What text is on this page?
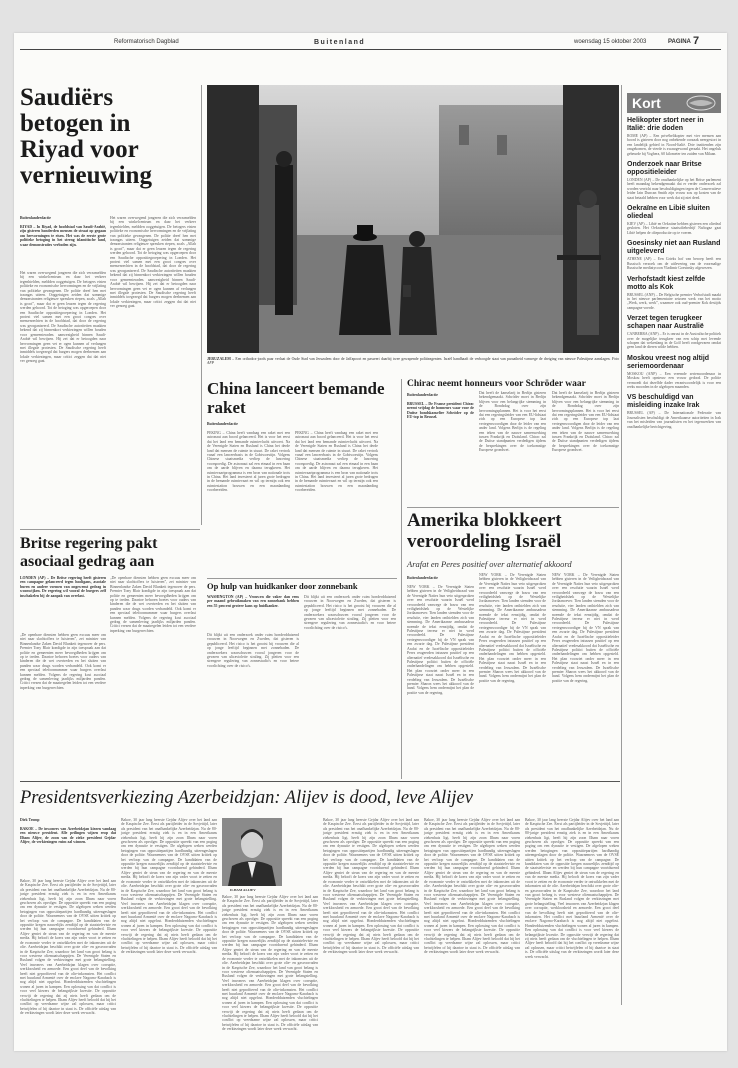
Reformatorisch Dagblad	Buitenland	woensdag 15 oktober 2003	PAGINA 7
Saudiërs betogen in Riyad voor vernieuwing
Buitenlandredactie
RIYAD – In Riyad, de hoofdstad van Saudi-Arabië, zijn gisteren honderden mensen de straat op gegaan om hervormingen te eisen. Het was de eerste grote politieke betoging in het streng islamitische land, waar demonstraties verboden zijn.
Het waren overwegend jongeren die zich verzamelden bij een winkelcentrum en daar het verkeer tegenhielden, meldden ooggetuigen. De betogers eisten politieke en economische hervormingen en de vrijlating van politieke gevangenen. De politie dreef hen met traangas uiteen. Ooggetuigen zeiden dat sommige demonstranten religieuze spreuken riepen, zoals „Allah is groot”, maar dat er geen leuzen tegen de regering werden gehoord. Tot de betoging was opgeroepen door een Saudische oppositiegroepering in Londen. Het protest viel samen met een groot congres over mensenrechten in de hoofdstad, dat door de regering was georganiseerd. De Saudische autoriteiten maakten bekend dat zij binnenkort verkiezingen willen houden voor gemeenteraden. aanwezigheid binnen Saudi-Arabië wil bewijzen. Hij zei dat er betoogden naar hervormingen geen vet er ogen kunnen af verlangen met illegale protesten. De Saudische regering heeft inmiddels toegezegd dat burgers mogen deelnemen aan lokale verkiezingen, maar critici zeggen dat dat niet ver genoeg gaat.
Het waren overwegend jongeren die zich verzamelden bij een winkelcentrum en daar het verkeer tegenhielden, meldden ooggetuigen. De betogers eisten politieke en economische hervormingen en de vrijlating van politieke gevangenen. De politie dreef hen met traangas uiteen. Ooggetuigen zeiden dat sommige demonstranten religieuze spreuken riepen, zoals „Allah is groot”, maar dat er geen leuzen tegen de regering werden gehoord. Tot de betoging was opgeroepen door een Saudische oppositiegroepering in Londen. Het protest viel samen met een groot congres over mensenrechten in de hoofdstad, dat door de regering was georganiseerd. De Saudische autoriteiten maakten bekend dat zij binnenkort verkiezingen willen houden voor gemeenteraden. aanwezigheid binnen Saudi-Arabië wil bewijzen. Hij zei dat er betoogden naar hervormingen geen vet er ogen kunnen af verlangen met illegale protesten. De Saudische regering heeft inmiddels toegezegd dat burgers mogen deelnemen aan lokale verkiezingen, maar critici zeggen dat dat niet ver genoeg gaat.
JERUZALEM – Een orthodox-joods paar verlaat de Oude Stad van Jeruzalem door de Jaffapoort en passeert daarbij twee gewapende politieagenten. Israël handhaaft de verhoogde staat van paraatheid vanwege de dreiging van nieuwe Palestijnse aanslagen. Foto AFP
China lanceert bemande raket
Buitenlandredactie
PEKING – China heeft vandaag een raket met een astronaut aan boord gelanceerd. Het is voor het eerst dat het land een bemande ruimtevlucht uitvoert. Na de Verenigde Staten en Rusland is China het derde land dat mensen de ruimte in stuurt. De raket vertrok vanaf een lanceerbasis in de Gobiwoestijn. Volgens Chinese staatsmedia verliep de lancering voorspoedig. De astronaut zal een etmaal in een baan om de aarde blijven en daarna terugkeren. Het ruimtevaartprogramma is een bron van nationale trots in China. Het land investeert al jaren grote bedragen in de bemande ruimtevaart en wil op termijn ook een ruimtestation bouwen en een maanlanding voorbereiden.
PEKING – China heeft vandaag een raket met een astronaut aan boord gelanceerd. Het is voor het eerst dat het land een bemande ruimtevlucht uitvoert. Na de Verenigde Staten en Rusland is China het derde land dat mensen de ruimte in stuurt. De raket vertrok vanaf een lanceerbasis in de Gobiwoestijn. Volgens Chinese staatsmedia verliep de lancering voorspoedig. De astronaut zal een etmaal in een baan om de aarde blijven en daarna terugkeren. Het ruimtevaartprogramma is een bron van nationale trots in China. Het land investeert al jaren grote bedragen in de bemande ruimtevaart en wil op termijn ook een ruimtestation bouwen en een maanlanding voorbereiden.
Chirac neemt honneurs voor Schröder waar
Buitenlandredactie
BRUSSEL – De Franse president Chirac neemt vrijdag de honneurs waar voor de Duitse bondskanselier Schröder op de EU-top in Brussel.
Dat heeft de kanselarij in Berlijn gisteren bekendgemaakt. Schröder moet in Berlijn blijven voor een belangrijke stemming in de Bondsdag over zijn hervormingsplannen. Het is voor het eerst dat een regeringsleider van een EU-lidstaat zich op een Europese top laat vertegenwoordigen door de leider van een ander land. Volgens Berlijn is de regeling een teken van de nauwe samenwerking tussen Frankrijk en Duitsland. Chirac zal de Duitse standpunten verdedigen tijdens de besprekingen over de toekomstige Europese grondwet.
Dat heeft de kanselarij in Berlijn gisteren bekendgemaakt. Schröder moet in Berlijn blijven voor een belangrijke stemming in de Bondsdag over zijn hervormingsplannen. Het is voor het eerst dat een regeringsleider van een EU-lidstaat zich op een Europese top laat vertegenwoordigen door de leider van een ander land. Volgens Berlijn is de regeling een teken van de nauwe samenwerking tussen Frankrijk en Duitsland. Chirac zal de Duitse standpunten verdedigen tijdens de besprekingen over de toekomstige Europese grondwet.
Amerika blokkeert veroordeling Israël
Arafat en Peres positief over alternatief akkoord
Buitenlandredactie
NEW YORK – De Verenigde Staten hebben gisteren in de Veiligheidsraad van de Verenigde Naties hun veto uitgesproken over een resolutie waarin Israël werd veroordeeld vanwege de bouw van een veiligheidshek op de Westelijke Jordaanoever. Tien landen stemden voor de resolutie, vier landen onthielden zich van stemming. De Amerikaanse ambassadeur noemde de tekst eenzijdig, omdat de Palestijnse terreur er niet in werd veroordeeld. De Palestijnse vertegenwoordiger bij de VN sprak van een zwarte dag. De Palestijnse president Arafat en de Israëlische oppositieleider Peres reageerden intussen positief op een alternatief vredesakkoord dat Israëlische en Palestijnse politici buiten de officiële onderhandelingen om hebben opgesteld. Het plan voorziet onder meer in een Palestijnse staat naast Israël en in een verdeling van Jeruzalem. De Israëlische premier Sharon wees het akkoord van de hand. Volgens hem ondermijnt het plan de positie van de regering.
NEW YORK – De Verenigde Staten hebben gisteren in de Veiligheidsraad van de Verenigde Naties hun veto uitgesproken over een resolutie waarin Israël werd veroordeeld vanwege de bouw van een veiligheidshek op de Westelijke Jordaanoever. Tien landen stemden voor de resolutie, vier landen onthielden zich van stemming. De Amerikaanse ambassadeur noemde de tekst eenzijdig, omdat de Palestijnse terreur er niet in werd veroordeeld. De Palestijnse vertegenwoordiger bij de VN sprak van een zwarte dag. De Palestijnse president Arafat en de Israëlische oppositieleider Peres reageerden intussen positief op een alternatief vredesakkoord dat Israëlische en Palestijnse politici buiten de officiële onderhandelingen om hebben opgesteld. Het plan voorziet onder meer in een Palestijnse staat naast Israël en in een verdeling van Jeruzalem. De Israëlische premier Sharon wees het akkoord van de hand. Volgens hem ondermijnt het plan de positie van de regering.
NEW YORK – De Verenigde Staten hebben gisteren in de Veiligheidsraad van de Verenigde Naties hun veto uitgesproken over een resolutie waarin Israël werd veroordeeld vanwege de bouw van een veiligheidshek op de Westelijke Jordaanoever. Tien landen stemden voor de resolutie, vier landen onthielden zich van stemming. De Amerikaanse ambassadeur noemde de tekst eenzijdig, omdat de Palestijnse terreur er niet in werd veroordeeld. De Palestijnse vertegenwoordiger bij de VN sprak van een zwarte dag. De Palestijnse president Arafat en de Israëlische oppositieleider Peres reageerden intussen positief op een alternatief vredesakkoord dat Israëlische en Palestijnse politici buiten de officiële onderhandelingen om hebben opgesteld. Het plan voorziet onder meer in een Palestijnse staat naast Israël en in een verdeling van Jeruzalem. De Israëlische premier Sharon wees het akkoord van de hand. Volgens hem ondermijnt het plan de positie van de regering.
Op hulp van huidkanker door zonnebank
WASHINGTON (AP) – Vrouwen die vaker dan eens per maand gebruikmaken van een zonnebank hebben een 55 procent grotere kans op huidkanker.
Dit blijkt uit een onderzoek onder ruim honderdduizend vrouwen in Noorwegen en Zweden, dat gisteren is gepubliceerd. Het risico is het grootst bij vrouwen die al op jonge leeftijd beginnen met zonnebaden. De onderzoekers waarschuwen vooral jongeren voor de gevaren van ultraviolette straling. Zij pleiten voor een strengere regulering van zonnestudio's en voor betere voorlichting over de risico's.
Dit blijkt uit een onderzoek onder ruim honderdduizend vrouwen in Noorwegen en Zweden, dat gisteren is gepubliceerd. Het risico is het grootst bij vrouwen die al op jonge leeftijd beginnen met zonnebaden. De onderzoekers waarschuwen vooral jongeren voor de gevaren van ultraviolette straling. Zij pleiten voor een strengere regulering van zonnestudio's en voor betere voorlichting over de risico's.
Britse regering pakt asociaal gedrag aan
LONDEN (AP) – De Britse regering heeft gisteren een campagne gelanceerd tegen hooligans, asociale buren en andere vormen van ongewenst gedrag in woonwijken. De regering wil vooral de burgers zelf inschakelen bij de aanpak van overlast.
„De openbare diensten hebben geen excuus meer om niet naar slachtoffers te luisteren”, zei minister van Binnenlandse Zaken David Blunkett tegenover de pers. Premier Tony Blair kondigde in zijn toespraak aan dat politie en gemeenten meer bevoegdheden krijgen om op te treden. Daartoe behoren boetes voor ouders van kinderen die de wet overtreden en het sluiten van panden waar drugs worden verhandeld. Ook komt er een speciaal telefoonnummer waar burgers overlast kunnen melden. Volgens de regering kost asociaal gedrag de samenleving jaarlijks miljarden ponden. Critici vrezen dat de maatregelen leiden tot een verdere inperking van burgerrechten.
„De openbare diensten hebben geen excuus meer om niet naar slachtoffers te luisteren”, zei minister van Binnenlandse Zaken David Blunkett tegenover de pers. Premier Tony Blair kondigde in zijn toespraak aan dat politie en gemeenten meer bevoegdheden krijgen om op te treden. Daartoe behoren boetes voor ouders van kinderen die de wet overtreden en het sluiten van panden waar drugs worden verhandeld. Ook komt er een speciaal telefoonnummer waar burgers overlast kunnen melden. Volgens de regering kost asociaal gedrag de samenleving jaarlijks miljarden ponden. Critici vrezen dat de maatregelen leiden tot een verdere inperking van burgerrechten.
Presidentsverkiezing Azerbeidzjan: Alijev is dood, leve Alijev
Dirk Tromp
BAKOE – De inwoners van Azerbeidzjan kiezen vandaag een nieuwe president. Alle peilingen wijzen erop dat Ilham Alijev, de zoon van de zieke president Gejdar Alijev, de verkiezingen ruim zal winnen.
Bakoe, 30 jaar lang heerste Gejdar Alijev over het land aan de Kaspische Zee. Eerst als partijleider in de Sovjettijd, later als president van het onafhankelijke Azerbeidzjan. Nu de 80-jarige president ernstig ziek is en in een Amerikaans ziekenhuis ligt, heeft hij zijn zoon Ilham naar voren geschoven als opvolger. De oppositie spreekt van een poging om een dynastie te vestigen. De afgelopen weken werden betogingen van oppositiepartijen hardhandig uiteengeslagen door de politie. Waarnemers van de OVSE uitten kritiek op het verloop van de campagne. De kandidaten van de oppositie kregen nauwelijks zendtijd op de staatstelevisie en werden bij hun campagne voortdurend gehinderd. Ilham Alijev geniet de steun van de regering en van de meeste media. Hij belooft de koers van zijn vader voort te zetten en de economie verder te ontwikkelen met de inkomsten uit de olie. Azerbeidzjan beschikt over grote olie- en gasvoorraden in de Kaspische Zee, waardoor het land van groot belang is voor westerse oliemaatschappijen. De Verenigde Staten en Rusland volgen de verkiezingen met grote belangstelling. Veel inwoners van Azerbeidzjan klagen over corruptie, werkloosheid en armoede. Een groot deel van de bevolking heeft niet geprofiteerd van de olie-inkomsten. Het conflict met buurland Armenië over de enclave Nagorno-Karabach is nog altijd niet opgelost. Honderdduizenden vluchtelingen wonen al jaren in kampen. Een oplossing van dat conflict is voor veel kiezers de belangrijkste kwestie. De oppositie verwijt de regering dat zij niets heeft gedaan om de vluchtelingen te helpen. Ilham Alijev heeft beloofd dat hij het conflict op vreedzame wijze zal oplossen, maar critici betwijfelen of hij daartoe in staat is. De officiële uitslag van de verkiezingen wordt later deze week verwacht.
Bakoe, 30 jaar lang heerste Gejdar Alijev over het land aan de Kaspische Zee. Eerst als partijleider in de Sovjettijd, later als president van het onafhankelijke Azerbeidzjan. Nu de 80-jarige president ernstig ziek is en in een Amerikaans ziekenhuis ligt, heeft hij zijn zoon Ilham naar voren geschoven als opvolger. De oppositie spreekt van een poging om een dynastie te vestigen. De afgelopen weken werden betogingen van oppositiepartijen hardhandig uiteengeslagen door de politie. Waarnemers van de OVSE uitten kritiek op het verloop van de campagne. De kandidaten van de oppositie kregen nauwelijks zendtijd op de staatstelevisie en werden bij hun campagne voortdurend gehinderd. Ilham Alijev geniet de steun van de regering en van de meeste media. Hij belooft de koers van zijn vader voort te zetten en de economie verder te ontwikkelen met de inkomsten uit de olie. Azerbeidzjan beschikt over grote olie- en gasvoorraden in de Kaspische Zee, waardoor het land van groot belang is voor westerse oliemaatschappijen. De Verenigde Staten en Rusland volgen de verkiezingen met grote belangstelling. Veel inwoners van Azerbeidzjan klagen over corruptie, werkloosheid en armoede. Een groot deel van de bevolking heeft niet geprofiteerd van de olie-inkomsten. Het conflict met buurland Armenië over de enclave Nagorno-Karabach is nog altijd niet opgelost. Honderdduizenden vluchtelingen wonen al jaren in kampen. Een oplossing van dat conflict is voor veel kiezers de belangrijkste kwestie. De oppositie verwijt de regering dat zij niets heeft gedaan om de vluchtelingen te helpen. Ilham Alijev heeft beloofd dat hij het conflict op vreedzame wijze zal oplossen, maar critici betwijfelen of hij daartoe in staat is. De officiële uitslag van de verkiezingen wordt later deze week verwacht.
ILHAM ALIJEV
Bakoe, 30 jaar lang heerste Gejdar Alijev over het land aan de Kaspische Zee. Eerst als partijleider in de Sovjettijd, later als president van het onafhankelijke Azerbeidzjan. Nu de 80-jarige president ernstig ziek is en in een Amerikaans ziekenhuis ligt, heeft hij zijn zoon Ilham naar voren geschoven als opvolger. De oppositie spreekt van een poging om een dynastie te vestigen. De afgelopen weken werden betogingen van oppositiepartijen hardhandig uiteengeslagen door de politie. Waarnemers van de OVSE uitten kritiek op het verloop van de campagne. De kandidaten van de oppositie kregen nauwelijks zendtijd op de staatstelevisie en werden bij hun campagne voortdurend gehinderd. Ilham Alijev geniet de steun van de regering en van de meeste media. Hij belooft de koers van zijn vader voort te zetten en de economie verder te ontwikkelen met de inkomsten uit de olie. Azerbeidzjan beschikt over grote olie- en gasvoorraden in de Kaspische Zee, waardoor het land van groot belang is voor westerse oliemaatschappijen. De Verenigde Staten en Rusland volgen de verkiezingen met grote belangstelling. Veel inwoners van Azerbeidzjan klagen over corruptie, werkloosheid en armoede. Een groot deel van de bevolking heeft niet geprofiteerd van de olie-inkomsten. Het conflict met buurland Armenië over de enclave Nagorno-Karabach is nog altijd niet opgelost. Honderdduizenden vluchtelingen wonen al jaren in kampen. Een oplossing van dat conflict is voor veel kiezers de belangrijkste kwestie. De oppositie verwijt de regering dat zij niets heeft gedaan om de vluchtelingen te helpen. Ilham Alijev heeft beloofd dat hij het conflict op vreedzame wijze zal oplossen, maar critici betwijfelen of hij daartoe in staat is. De officiële uitslag van de verkiezingen wordt later deze week verwacht.
Bakoe, 30 jaar lang heerste Gejdar Alijev over het land aan de Kaspische Zee. Eerst als partijleider in de Sovjettijd, later als president van het onafhankelijke Azerbeidzjan. Nu de 80-jarige president ernstig ziek is en in een Amerikaans ziekenhuis ligt, heeft hij zijn zoon Ilham naar voren geschoven als opvolger. De oppositie spreekt van een poging om een dynastie te vestigen. De afgelopen weken werden betogingen van oppositiepartijen hardhandig uiteengeslagen door de politie. Waarnemers van de OVSE uitten kritiek op het verloop van de campagne. De kandidaten van de oppositie kregen nauwelijks zendtijd op de staatstelevisie en werden bij hun campagne voortdurend gehinderd. Ilham Alijev geniet de steun van de regering en van de meeste media. Hij belooft de koers van zijn vader voort te zetten en de economie verder te ontwikkelen met de inkomsten uit de olie. Azerbeidzjan beschikt over grote olie- en gasvoorraden in de Kaspische Zee, waardoor het land van groot belang is voor westerse oliemaatschappijen. De Verenigde Staten en Rusland volgen de verkiezingen met grote belangstelling. Veel inwoners van Azerbeidzjan klagen over corruptie, werkloosheid en armoede. Een groot deel van de bevolking heeft niet geprofiteerd van de olie-inkomsten. Het conflict met buurland Armenië over de enclave Nagorno-Karabach is nog altijd niet opgelost. Honderdduizenden vluchtelingen wonen al jaren in kampen. Een oplossing van dat conflict is voor veel kiezers de belangrijkste kwestie. De oppositie verwijt de regering dat zij niets heeft gedaan om de vluchtelingen te helpen. Ilham Alijev heeft beloofd dat hij het conflict op vreedzame wijze zal oplossen, maar critici betwijfelen of hij daartoe in staat is. De officiële uitslag van de verkiezingen wordt later deze week verwacht.
Bakoe, 30 jaar lang heerste Gejdar Alijev over het land aan de Kaspische Zee. Eerst als partijleider in de Sovjettijd, later als president van het onafhankelijke Azerbeidzjan. Nu de 80-jarige president ernstig ziek is en in een Amerikaans ziekenhuis ligt, heeft hij zijn zoon Ilham naar voren geschoven als opvolger. De oppositie spreekt van een poging om een dynastie te vestigen. De afgelopen weken werden betogingen van oppositiepartijen hardhandig uiteengeslagen door de politie. Waarnemers van de OVSE uitten kritiek op het verloop van de campagne. De kandidaten van de oppositie kregen nauwelijks zendtijd op de staatstelevisie en werden bij hun campagne voortdurend gehinderd. Ilham Alijev geniet de steun van de regering en van de meeste media. Hij belooft de koers van zijn vader voort te zetten en de economie verder te ontwikkelen met de inkomsten uit de olie. Azerbeidzjan beschikt over grote olie- en gasvoorraden in de Kaspische Zee, waardoor het land van groot belang is voor westerse oliemaatschappijen. De Verenigde Staten en Rusland volgen de verkiezingen met grote belangstelling. Veel inwoners van Azerbeidzjan klagen over corruptie, werkloosheid en armoede. Een groot deel van de bevolking heeft niet geprofiteerd van de olie-inkomsten. Het conflict met buurland Armenië over de enclave Nagorno-Karabach is nog altijd niet opgelost. Honderdduizenden vluchtelingen wonen al jaren in kampen. Een oplossing van dat conflict is voor veel kiezers de belangrijkste kwestie. De oppositie verwijt de regering dat zij niets heeft gedaan om de vluchtelingen te helpen. Ilham Alijev heeft beloofd dat hij het conflict op vreedzame wijze zal oplossen, maar critici betwijfelen of hij daartoe in staat is. De officiële uitslag van de verkiezingen wordt later deze week verwacht.
Bakoe, 30 jaar lang heerste Gejdar Alijev over het land aan de Kaspische Zee. Eerst als partijleider in de Sovjettijd, later als president van het onafhankelijke Azerbeidzjan. Nu de 80-jarige president ernstig ziek is en in een Amerikaans ziekenhuis ligt, heeft hij zijn zoon Ilham naar voren geschoven als opvolger. De oppositie spreekt van een poging om een dynastie te vestigen. De afgelopen weken werden betogingen van oppositiepartijen hardhandig uiteengeslagen door de politie. Waarnemers van de OVSE uitten kritiek op het verloop van de campagne. De kandidaten van de oppositie kregen nauwelijks zendtijd op de staatstelevisie en werden bij hun campagne voortdurend gehinderd. Ilham Alijev geniet de steun van de regering en van de meeste media. Hij belooft de koers van zijn vader voort te zetten en de economie verder te ontwikkelen met de inkomsten uit de olie. Azerbeidzjan beschikt over grote olie- en gasvoorraden in de Kaspische Zee, waardoor het land van groot belang is voor westerse oliemaatschappijen. De Verenigde Staten en Rusland volgen de verkiezingen met grote belangstelling. Veel inwoners van Azerbeidzjan klagen over corruptie, werkloosheid en armoede. Een groot deel van de bevolking heeft niet geprofiteerd van de olie-inkomsten. Het conflict met buurland Armenië over de enclave Nagorno-Karabach is nog altijd niet opgelost. Honderdduizenden vluchtelingen wonen al jaren in kampen. Een oplossing van dat conflict is voor veel kiezers de belangrijkste kwestie. De oppositie verwijt de regering dat zij niets heeft gedaan om de vluchtelingen te helpen. Ilham Alijev heeft beloofd dat hij het conflict op vreedzame wijze zal oplossen, maar critici betwijfelen of hij daartoe in staat is. De officiële uitslag van de verkiezingen wordt later deze week verwacht.
Kort

Helikopter stort neer in Italië: drie doden

ROME (AP) – Een privéhelikopter met vier mensen aan boord is gisteren door nog onbekende oorzaak neergestort in een landelijk gebied in Noord-Italië. Drie inzittenden zijn omgekomen, de vierde is zwaargewond geraakt. Het ongeluk gebeurde bij Voghera, 60 kilometer ten zuiden van Milaan.

Onderzoek naar Britse oppositieleider

LONDEN (AP) – De onafhankelijke op het Britse parlement heeft maandag bekendgemaakt dat er verder onderzoek zal worden verricht naar beschuldigingen tegen de Conservatieve leider Iain Duncan Smith zijn vrouw zou op kosten van de staat betaald hebben voor werk dat zij niet deed.

Oekraïne en Libië sluiten oliedeal

KIEV (AP) – Libië en Oekraïne hebben gisteren een oliedeal gesloten. Het Oekraïense staatsoliebedrijf Naftogaz gaat Libië helpen de olieproductie op te voeren.

Goesinsky niet aan Rusland uitgeleverd

ATHENE (AP) – Een Grieks hof van beroep heeft een Russisch verzoek om de uitlevering van de voormalige Russische mediatycoon Vladimir Goesinsky afgewezen.

Verhofstadt kiest zelfde motto als Kok

BRUSSEL (ANP) – De Belgische premier Verhofstadt maakt in het nieuwe parlementaire seizoen werk van het motto „Werk, werk, werk”, waarmee ook oud-premier Kok destijds campagne voerde.

Verzet tegen terugkeer schapen naar Australië

CANBERRA (ANP) – Er is onrust in de Australische politiek over de mogelijke terugkeer van een schip met levende schapen dat wekenlang in de Golf heeft rondgevaren omdat geen land de dieren wilde hebben.

Moskou vreest nog altijd seriemoordenaar

MOSKOU (ANP) – Een vreemde seriemoordenaar in Moskou heeft opnieuw een vrouw gedood. De politie vermoedt dat dezelfde dader verantwoordelijk is voor een reeks moorden in de afgelopen maanden.

VS beschuldigd van misleiding inzake Irak

BRUSSEL (AP) – De Internationale Federatie van Journalisten beschuldigt de Amerikaanse autoriteiten in Irak van het misleiden van journalisten en het tegenwerken van onafhankelijke berichtgeving.
